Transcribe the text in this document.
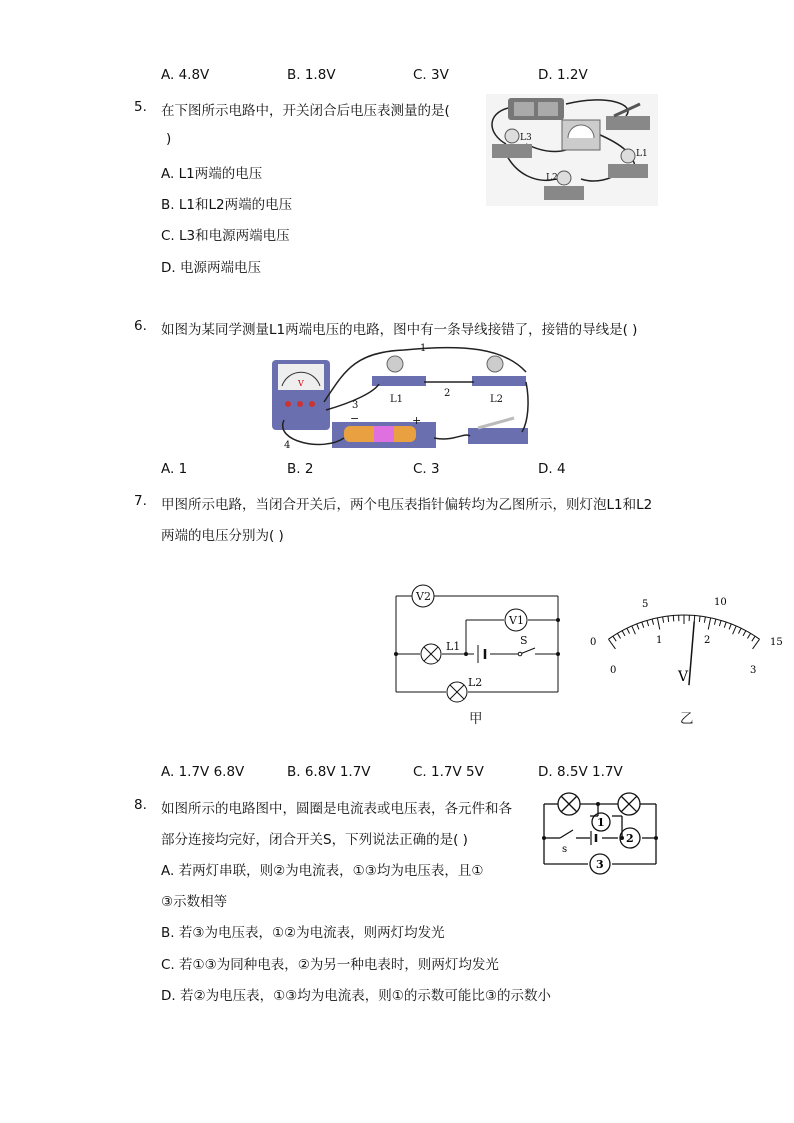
A. 4.8V	B. 1.8V	C. 3V	D. 1.2V
5. 在下图所示电路中，开关闭合后电压表测量的是(
)
A. L1两端的电压
B. L1和L2两端的电压
C. L3和电源两端电压
D. 电源两端电压
L3
L1
L2
6. 如图为某同学测量L1两端电压的电路，图中有一条导线接错了，接错的导线是( )
V
1
2
3
4
L1	L2
−	+
A. 1	B. 2	C. 3	D. 4
7. 甲图所示电路，当闭合开关后，两个电压表指针偏转均为乙图所示，则灯泡L1和L2
两端的电压分别为( )
V2
V1
L1
L2
S
甲
0
5	10
15
0
1	2
3
V
乙
A. 1.7V 6.8V	B. 6.8V 1.7V	C. 1.7V 5V	D. 8.5V 1.7V
8. 如图所示的电路图中，圆圈是电流表或电压表，各元件和各
部分连接均完好，闭合开关S，下列说法正确的是( )
A. 若两灯串联，则②为电流表，①③均为电压表，且①
③示数相等
B. 若③为电压表，①②为电流表，则两灯均发光
C. 若①③为同种电表，②为另一种电表时，则两灯均发光
D. 若②为电压表，①③均为电流表，则①的示数可能比③的示数小
1
2
3
s
